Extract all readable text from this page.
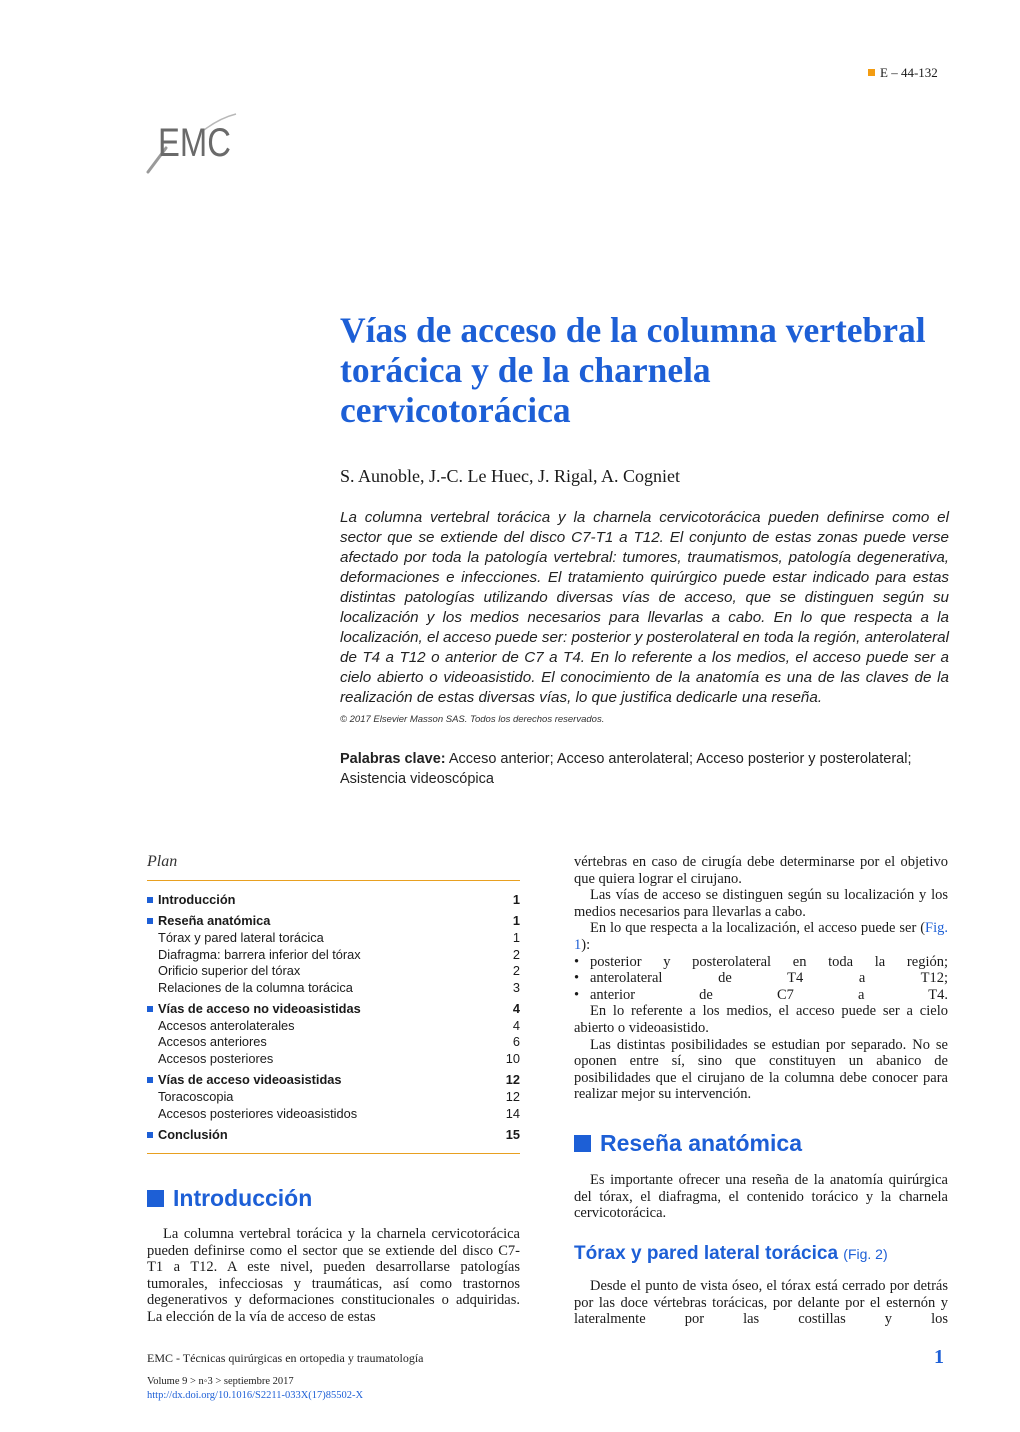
E – 44-132
EMC
Vías de acceso de la columna vertebral torácica y de la charnela cervicotorácica
S. Aunoble, J.-C. Le Huec, J. Rigal, A. Cogniet

La columna vertebral torácica y la charnela cervicotorácica pueden definirse como el sector que se extiende del disco C7-T1 a T12. El conjunto de estas zonas puede verse afectado por toda la patología vertebral: tumores, traumatismos, patología degenerativa, deformaciones e infecciones. El tratamiento quirúrgico puede estar indicado para estas distintas patologías utilizando diversas vías de acceso, que se distinguen según su localización y los medios necesarios para llevarlas a cabo. En lo que respecta a la localización, el acceso puede ser: posterior y posterolateral en toda la región, anterolateral de T4 a T12 o anterior de C7 a T4. En lo referente a los medios, el acceso puede ser a cielo abierto o videoasistido. El conocimiento de la anatomía es una de las claves de la realización de estas diversas vías, lo que justifica dedicarle una reseña.

© 2017 Elsevier Masson SAS. Todos los derechos reservados.
Palabras clave: Acceso anterior; Acceso anterolateral; Acceso posterior y posterolateral; Asistencia videoscópica
Plan
Introducción	1
Reseña anatómica	1
Tórax y pared lateral torácica	1
Diafragma: barrera inferior del tórax	2
Orificio superior del tórax	2
Relaciones de la columna torácica	3
Vías de acceso no videoasistidas	4
Accesos anterolaterales	4
Accesos anteriores	6
Accesos posteriores	10
Vías de acceso videoasistidas	12
Toracoscopia	12
Accesos posteriores videoasistidos	14
Conclusión	15
Introducción

La columna vertebral torácica y la charnela cervicotorácica pueden definirse como el sector que se extiende del disco C7-T1 a T12. A este nivel, pueden desarrollarse patologías tumorales, infecciosas y traumáticas, así como trastornos degenerativos y deformaciones constitucionales o adquiridas. La elección de la vía de acceso de estas

vértebras en caso de cirugía debe determinarse por el objetivo que quiera lograr el cirujano.

Las vías de acceso se distinguen según su localización y los medios necesarios para llevarlas a cabo.

En lo que respecta a la localización, el acceso puede ser (Fig. 1):

• posterior y posterolateral en toda la región;
• anterolateral de T4 a T12;
• anterior de C7 a T4.

En lo referente a los medios, el acceso puede ser a cielo abierto o videoasistido.

Las distintas posibilidades se estudian por separado. No se oponen entre sí, sino que constituyen un abanico de posibilidades que el cirujano de la columna debe conocer para realizar mejor su intervención.

Reseña anatómica

Es importante ofrecer una reseña de la anatomía quirúrgica del tórax, el diafragma, el contenido torácico y la charnela cervicotorácica.

Tórax y pared lateral torácica (Fig. 2)

Desde el punto de vista óseo, el tórax está cerrado por detrás por las doce vértebras torácicas, por delante por el esternón y lateralmente por las costillas y los

EMC - Técnicas quirúrgicas en ortopedia y traumatología	1
Volume 9 > n◦3 > septiembre 2017
http://dx.doi.org/10.1016/S2211-033X(17)85502-X
